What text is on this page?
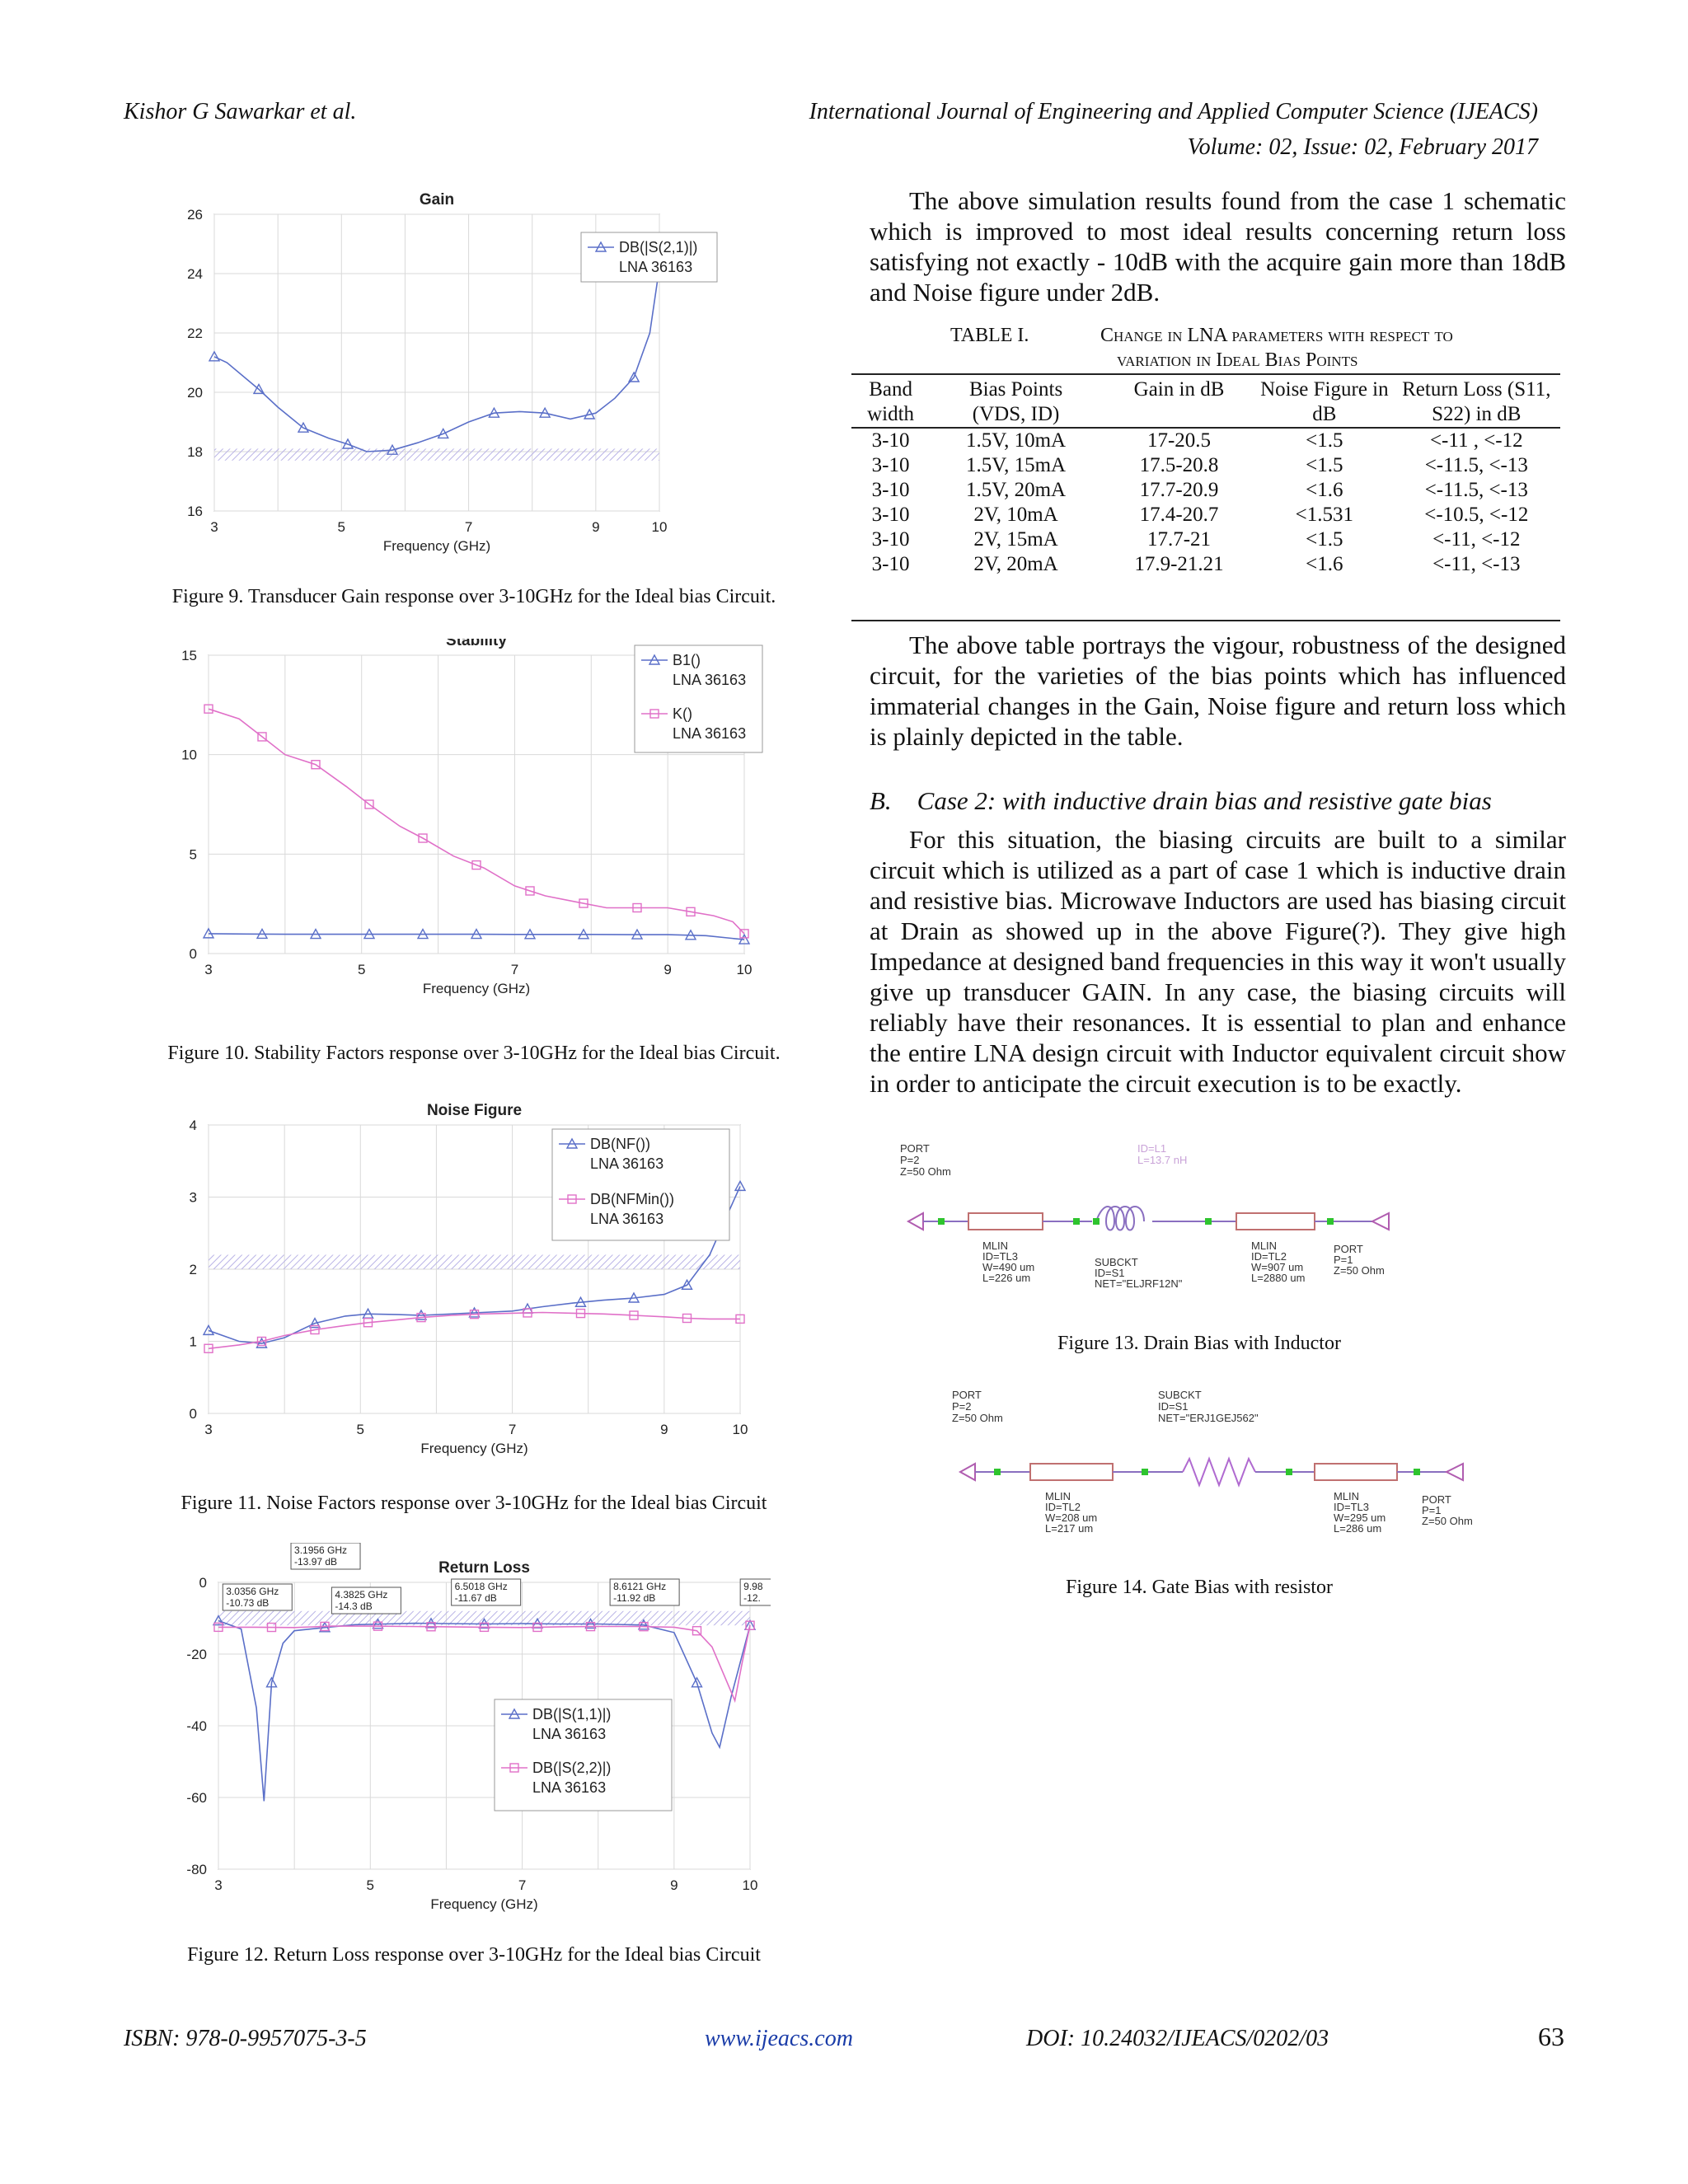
Kishor G Sawarkar et al.	International Journal of Engineering and Applied Computer Science (IJEACS)
Volume: 02, Issue: 02, February 2017
Gain
16
18
20
22
24
26
3	5	7	9	10
Frequency (GHz)
DB(|S(2,1)|)
LNA 36163
Figure 9. Transducer Gain response over 3-10GHz for the Ideal bias Circuit.
Stability
0
5
10
15
3	5	7	9	10
Frequency (GHz)
B1()
LNA 36163
K()
LNA 36163
Figure 10. Stability Factors response over 3-10GHz for the Ideal bias Circuit.
Noise Figure
0
1
2
3
4
3	5	7	9	10
Frequency (GHz)
DB(NF())
LNA 36163
DB(NFMin())
LNA 36163
Figure 11. Noise Factors response over 3-10GHz for the Ideal bias Circuit
Return Loss
-80
-60
-40
-20
0
3	5	7	9	10
Frequency (GHz)
DB(|S(1,1)|)
LNA 36163
DB(|S(2,2)|)
LNA 36163
3.0356 GHz
-10.73 dB
3.1956 GHz
-13.97 dB
4.3825 GHz
-14.3 dB
6.5018 GHz
-11.67 dB
8.6121 GHz
-11.92 dB
9.98
-12.
Figure 12. Return Loss response over 3-10GHz for the Ideal bias Circuit
The above simulation results found from the case 1 schematic which is improved to most ideal results concerning return loss satisfying not exactly - 10dB with the acquire gain more than 18dB and Noise figure under 2dB.
TABLE I.	Change in LNA parameters with respect to
variation in Ideal Bias Points
Band width	Bias Points
(VDS, ID)	Gain in dB	Noise Figure in dB	Return Loss (S11, S22) in dB
3-10	1.5V, 10mA	17-20.5	<1.5	<-11 , <-12
3-10	1.5V, 15mA	17.5-20.8	<1.5	<-11.5, <-13
3-10	1.5V, 20mA	17.7-20.9	<1.6	<-11.5, <-13
3-10	2V, 10mA	17.4-20.7	<1.531	<-10.5, <-12
3-10	2V, 15mA	17.7-21	<1.5	<-11, <-12
3-10	2V, 20mA	17.9-21.21	<1.6	<-11, <-13
The above table portrays the vigour, robustness of the designed circuit, for the varieties of the bias points which has influenced immaterial changes in the Gain, Noise figure and return loss which is plainly depicted in the table.
B. Case 2: with inductive drain bias and resistive gate bias
For this situation, the biasing circuits are built to a similar circuit which is utilized as a part of case 1 which is inductive drain and resistive bias. Microwave Inductors are used has biasing circuit at Drain as showed up in the above Figure(?). They give high Impedance at designed band frequencies in this way it won't usually give up transducer GAIN. In any case, the biasing circuits will reliably have their resonances. It is essential to plan and enhance the entire LNA design circuit with Inductor equivalent circuit show in order to anticipate the circuit execution is to be exactly.
PORT
P=2
Z=50 Ohm
ID=L1
L=13.7 nH
MLIN
ID=TL3
W=490 um
L=226 um
SUBCKT
ID=S1
NET="ELJRF12N"
MLIN
ID=TL2
W=907 um
L=2880 um
PORT
P=1
Z=50 Ohm
Figure 13. Drain Bias with Inductor
PORT
P=2
Z=50 Ohm
SUBCKT
ID=S1
NET="ERJ1GEJ562"
MLIN
ID=TL2
W=208 um
L=217 um
MLIN
ID=TL3
W=295 um
L=286 um
PORT
P=1
Z=50 Ohm
Figure 14. Gate Bias with resistor
ISBN: 978-0-9957075-3-5	www.ijeacs.com	DOI: 10.24032/IJEACS/0202/03	63
